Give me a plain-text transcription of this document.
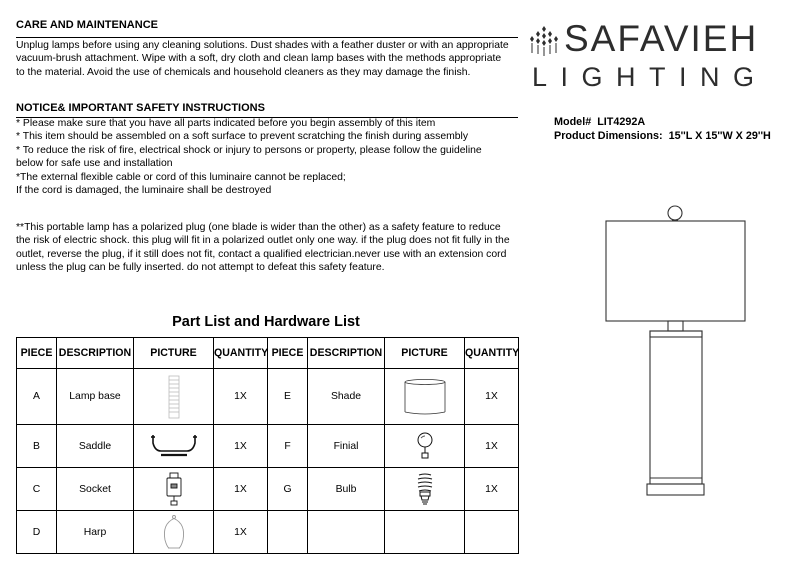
CARE AND MAINTENANCE
Unplug lamps before using any cleaning solutions. Dust shades with a feather duster or with an appropriate
vacuum-brush attachment. Wipe with a soft, dry cloth and clean lamp bases with the methods appropriate
to the material. Avoid the use of chemicals and household cleaners as they may damage the finish.
NOTICE& IMPORTANT SAFETY INSTRUCTIONS
* Please make sure that you have all parts indicated before you begin assembly of this item
* This item should be assembled on a soft surface to prevent scratching the finish during assembly
* To reduce the risk of fire, electrical shock or injury to persons or property, please follow the guideline
below for safe use and installation
*The external flexible cable or cord of this luminaire cannot be replaced;
If the cord is damaged, the luminaire shall be destroyed
**This portable lamp has a polarized plug (one blade is wider than the other) as a safety feature to reduce
the risk of electric shock. this plug will fit in a polarized outlet only one way. if the plug does not fit fully in the
outlet, reverse the plug, if it still does not fit, contact a qualified electrician.never use with an extension cord
unless the plug can be fully inserted. do not attempt to defeat this safety feature.
SAFAVIEH
LIGHTING
Model# LIT4292A
Product Dimensions: 15''L X 15''W X 29''H
Part List and Hardware List
PIECE	DESCRIPTION	PICTURE	QUANTITY	PIECE	DESCRIPTION	PICTURE	QUANTITY
A	Lamp base		1X	E	Shade		1X
B	Saddle		1X	F	Finial		1X
C	Socket		1X	G	Bulb		1X
D	Harp		1X				
